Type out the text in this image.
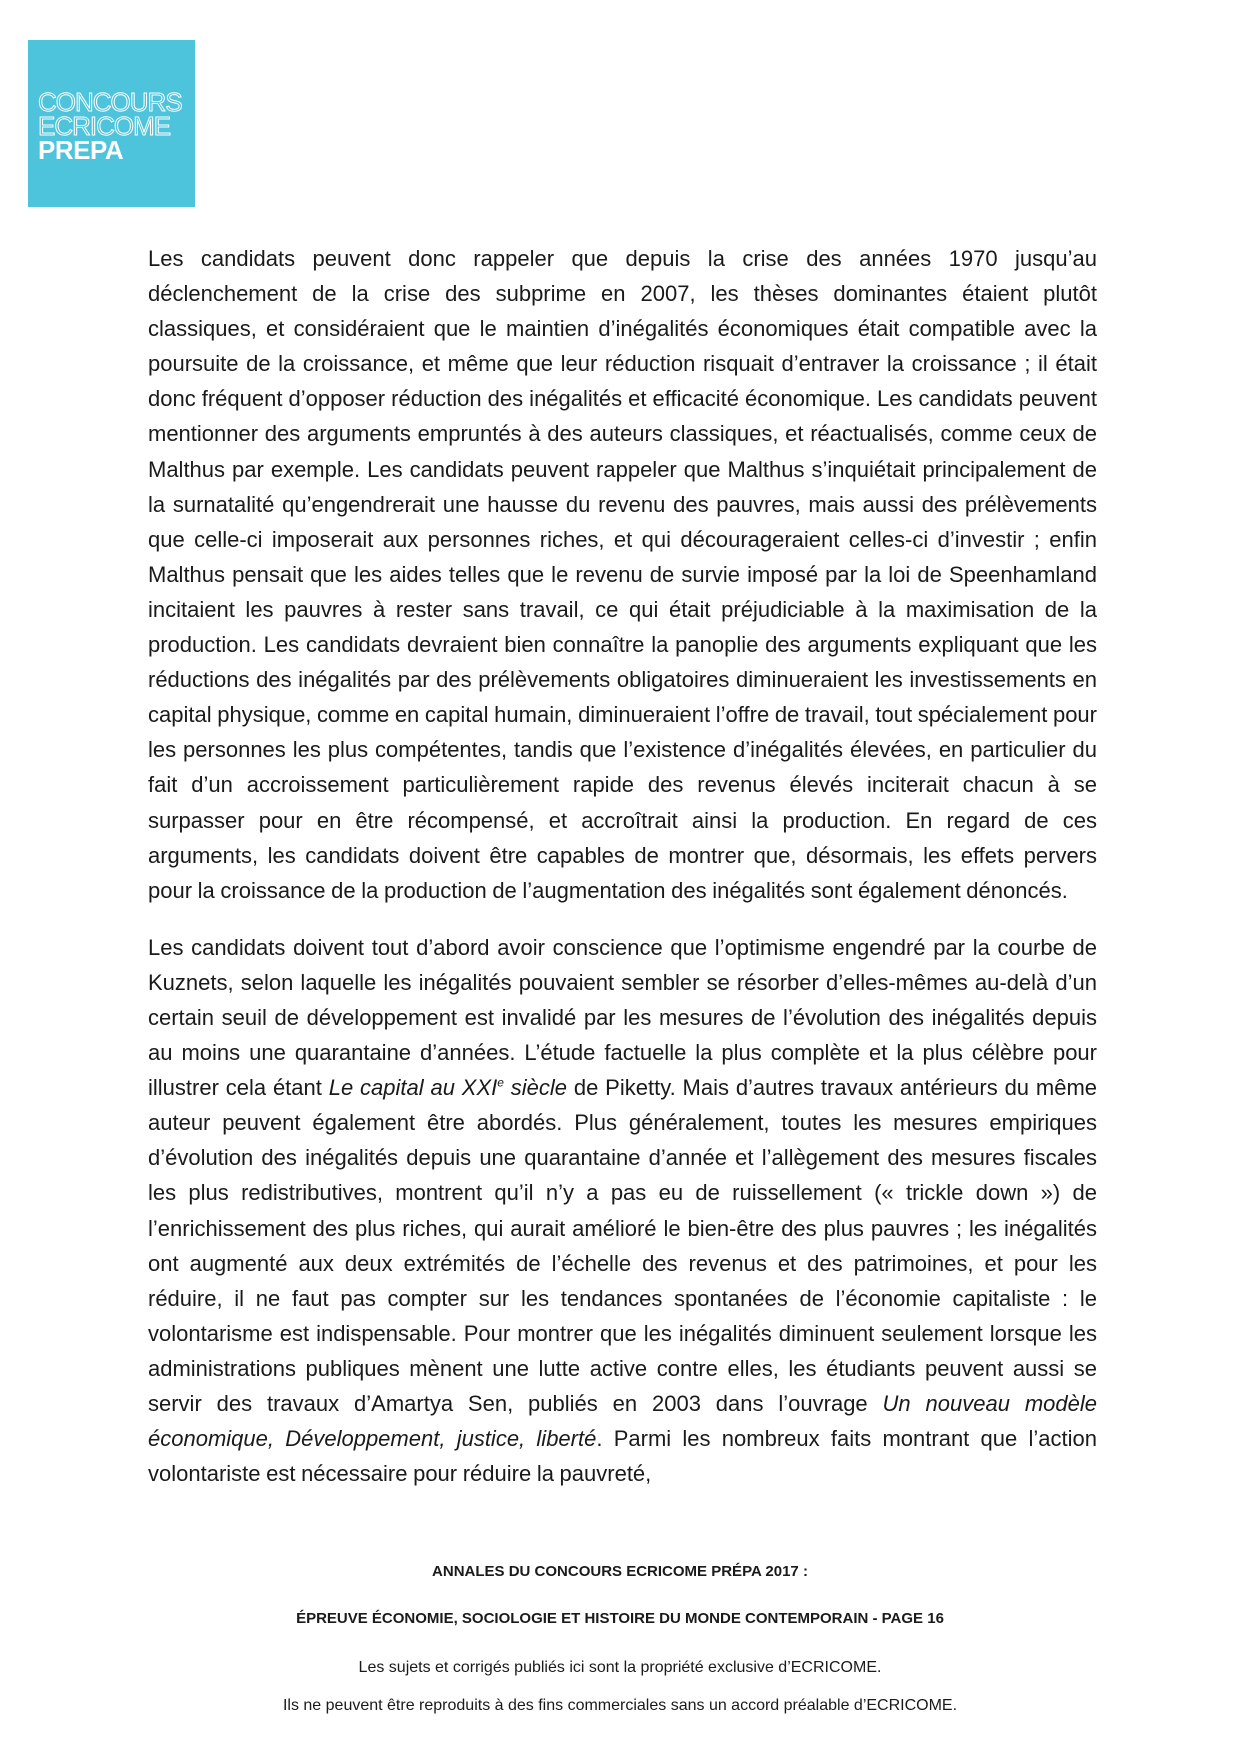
CONCOURS
ECRICOME
PREPA

Les candidats peuvent donc rappeler que depuis la crise des années 1970 jusqu’au déclenchement de la crise des subprime en 2007, les thèses dominantes étaient plutôt classiques, et considéraient que le maintien d’inégalités économiques était compatible avec la poursuite de la croissance, et même que leur réduction risquait d’entraver la croissance ; il était donc fréquent d’opposer réduction des inégalités et efficacité économique. Les candidats peuvent mentionner des arguments empruntés à des auteurs classiques, et réactualisés, comme ceux de Malthus par exemple. Les candidats peuvent rappeler que Malthus s’inquiétait principalement de la surnatalité qu’engendrerait une hausse du revenu des pauvres, mais aussi des prélèvements que celle-ci imposerait aux personnes riches, et qui décourageraient celles-ci d’investir ; enfin Malthus pensait que les aides telles que le revenu de survie imposé par la loi de Speenhamland incitaient les pauvres à rester sans travail, ce qui était préjudiciable à la maximisation de la production. Les candidats devraient bien connaître la panoplie des arguments expliquant que les réductions des inégalités par des prélèvements obligatoires diminueraient les investissements en capital physique, comme en capital humain, diminueraient l’offre de travail, tout spécialement pour les personnes les plus compétentes, tandis que l’existence d’inégalités élevées, en particulier du fait d’un accroissement particulièrement rapide des revenus élevés inciterait chacun à se surpasser pour en être récompensé, et accroîtrait ainsi la production. En regard de ces arguments, les candidats doivent être capables de montrer que, désormais, les effets pervers pour la croissance de la production de l’augmentation des inégalités sont également dénoncés.

Les candidats doivent tout d’abord avoir conscience que l’optimisme engendré par la courbe de Kuznets, selon laquelle les inégalités pouvaient sembler se résorber d’elles-mêmes au-delà d’un certain seuil de développement est invalidé par les mesures de l’évolution des inégalités depuis au moins une quarantaine d’années. L’étude factuelle la plus complète et la plus célèbre pour illustrer cela étant Le capital au XXIe siècle de Piketty. Mais d’autres travaux antérieurs du même auteur peuvent également être abordés. Plus généralement, toutes les mesures empiriques d’évolution des inégalités depuis une quarantaine d’année et l’allègement des mesures fiscales les plus redistributives, montrent qu’il n’y a pas eu de ruissellement (« trickle down ») de l’enrichissement des plus riches, qui aurait amélioré le bien-être des plus pauvres ; les inégalités ont augmenté aux deux extrémités de l’échelle des revenus et des patrimoines, et pour les réduire, il ne faut pas compter sur les tendances spontanées de l’économie capitaliste : le volontarisme est indispensable. Pour montrer que les inégalités diminuent seulement lorsque les administrations publiques mènent une lutte active contre elles, les étudiants peuvent aussi se servir des travaux d’Amartya Sen, publiés en 2003 dans l’ouvrage Un nouveau modèle économique, Développement, justice, liberté. Parmi les nombreux faits montrant que l’action volontariste est nécessaire pour réduire la pauvreté,

ANNALES DU CONCOURS ECRICOME PRÉPA 2017 :
ÉPREUVE ÉCONOMIE, SOCIOLOGIE ET HISTOIRE DU MONDE CONTEMPORAIN - PAGE 16
Les sujets et corrigés publiés ici sont la propriété exclusive d’ECRICOME.
Ils ne peuvent être reproduits à des fins commerciales sans un accord préalable d’ECRICOME.
